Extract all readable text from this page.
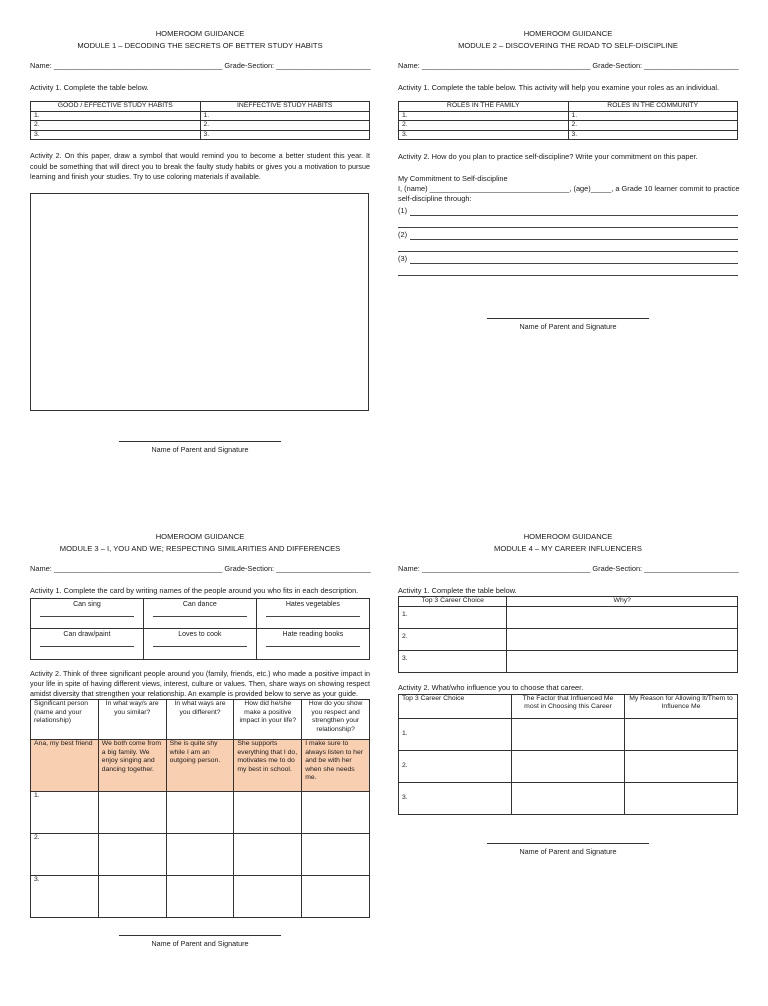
HOMEROOM GUIDANCE
MODULE 1 – DECODING THE SECRETS OF BETTER STUDY HABITS
Name: _________________________________________ Grade-Section: _______________________
Activity 1. Complete the table below.
GOOD / EFFECTIVE STUDY HABITS	INEFFECTIVE STUDY HABITS
1.	1.
2.	2.
3.	3.
Activity 2. On this paper, draw a symbol that would remind you to become a better student this year. It could be something that will direct you to break the faulty study habits or gives you a motivation to pursue learning and finish your studies. Try to use coloring materials if available.
Name of Parent and Signature
HOMEROOM GUIDANCE
MODULE 2 – DISCOVERING THE ROAD TO SELF-DISCIPLINE
Name: _________________________________________ Grade-Section: _______________________
Activity 1. Complete the table below. This activity will help you examine your roles as an individual.
ROLES IN THE FAMILY	ROLES IN THE COMMUNITY
1.	1.
2.	2.
3.	3.
Activity 2. How do you plan to practice self-discipline? Write your commitment on this paper.
My Commitment to Self-discipline
I, (name) __________________________________, (age)_____, a Grade 10 learner commit to practice
self-discipline through:
(1)
(2)
(3)
Name of Parent and Signature
HOMEROOM GUIDANCE
MODULE 3 – I, YOU AND WE; RESPECTING SIMILARITIES AND DIFFERENCES
Name: _________________________________________ Grade-Section: _______________________
Activity 1. Complete the card by writing names of the people around you who fits in each description.
Can sing	Can dance	Hates vegetables

Can draw/paint	Loves to cook	Hate reading books
Activity 2. Think of three significant people around you (family, friends, etc.) who made a positive impact in your life in spite of having different views, interest, culture or values. Then, share ways on showing respect amidst diversity that strengthen your relationship. An example is provided below to serve as your guide.
Significant person (name and your relationship)	In what way/s are you similar?	In what ways are you different?	How did he/she make a positive impact in your life?	How do you show you respect and strengthen your relationship?
Ana, my best friend	We both come from a big family. We enjoy singing and dancing together.	She is quite shy while I am an outgoing person.	She supports everything that I do, motivates me to do my best in school.	I make sure to always listen to her and be with her when she needs me.
1.				
2.				
3.				
Name of Parent and Signature
HOMEROOM GUIDANCE
MODULE 4 – MY CAREER INFLUENCERS
Name: _________________________________________ Grade-Section: _______________________
Activity 1. Complete the table below.
Top 3 Career Choice	Why?
1.	
2.	
3.	
Activity 2. What/who influence you to choose that career.
Top 3 Career Choice	The Factor that Influenced Me most in Choosing this Career	My Reason for Allowing It/Them to Influence Me
1.		
2.		
3.		
Name of Parent and Signature
